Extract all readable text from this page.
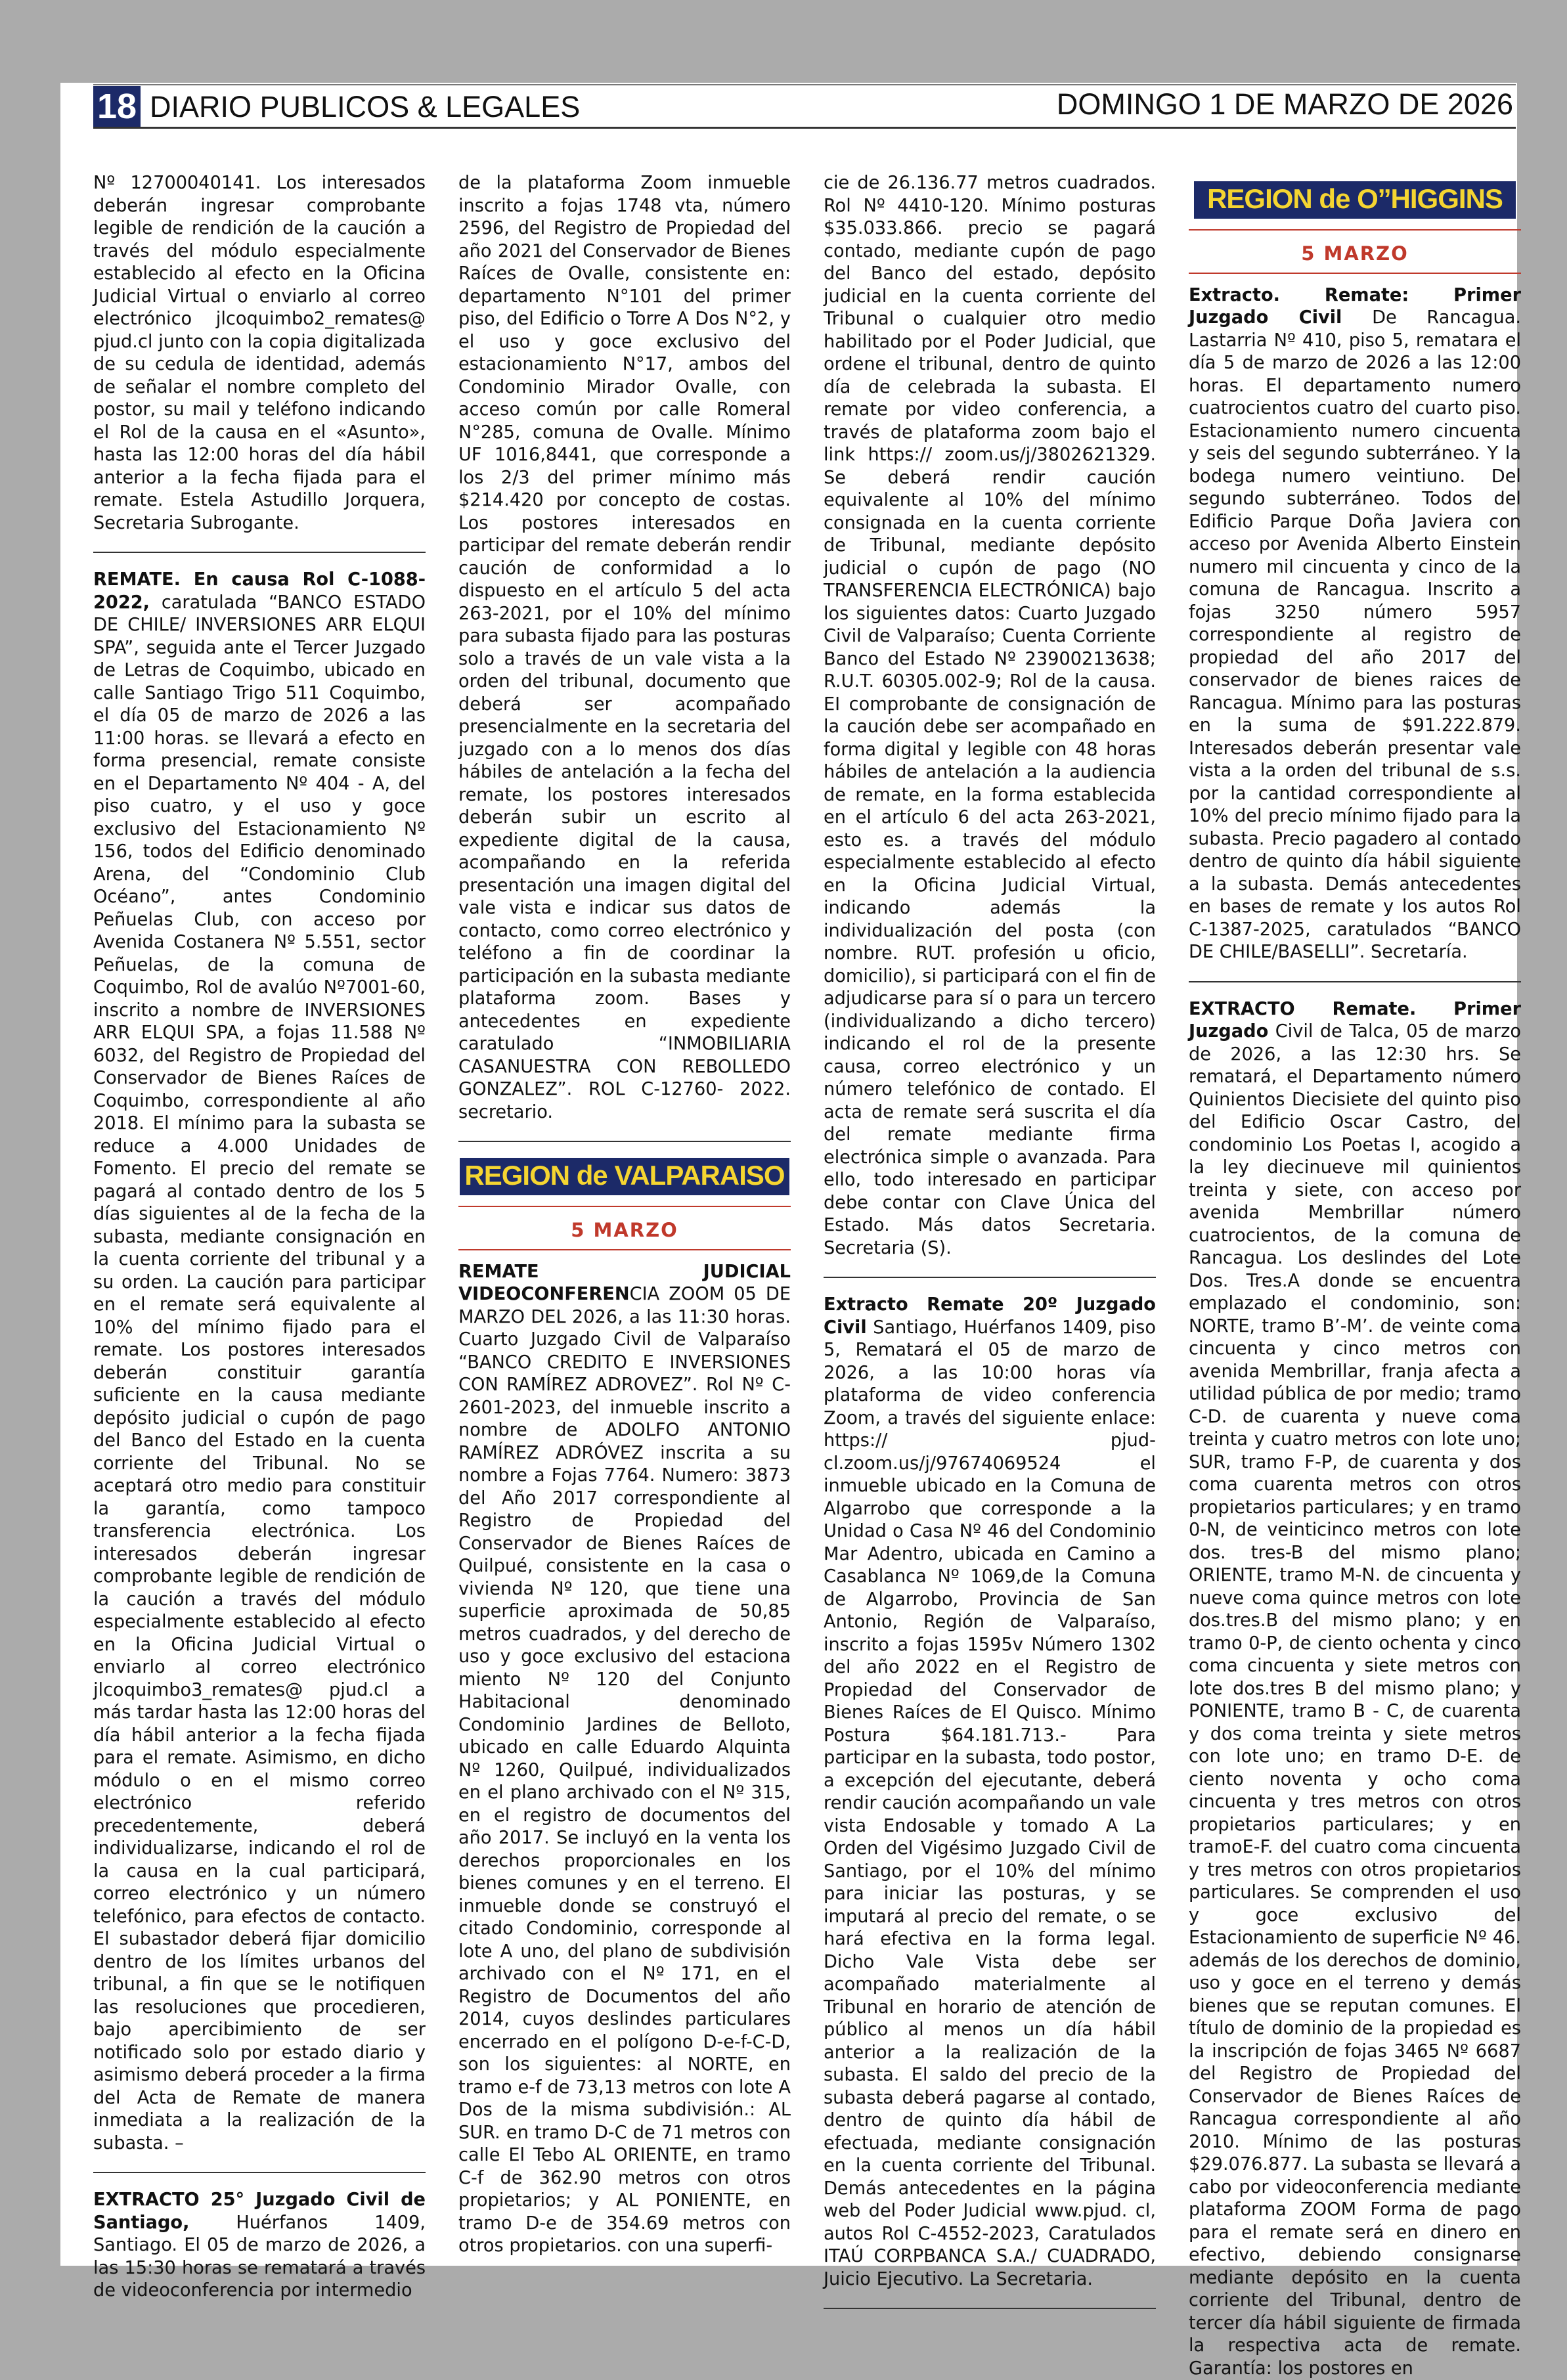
18 DIARIO PUBLICOS & LEGALES	DOMINGO 1 DE MARZO DE 2026

Nº 12700040141. Los interesados deberán ingresar comprobante legible de rendición de la caución a través del módulo especialmente establecido al efecto en la Oficina Judicial Virtual o enviarlo al correo electrónico jlcoquimbo2_remates@ pjud.cl junto con la copia digitalizada de su cedula de identidad, además de señalar el nombre completo del postor, su mail y teléfono indicando el Rol de la causa en el «Asunto», hasta las 12:00 horas del día hábil anterior a la fecha fijada para el remate. Estela Astudillo Jorquera, Secretaria Subrogante.

REMATE. En causa Rol C-1088-2022, caratulada “BANCO ESTADO DE CHILE/ INVERSIONES ARR ELQUI SPA”, seguida ante el Tercer Juzgado de Letras de Coquimbo, ubicado en calle Santiago Trigo 511 Coquimbo, el día 05 de marzo de 2026 a las 11:00 horas. se llevará a efecto en forma presencial, remate consiste en el Departamento Nº 404 - A, del piso cuatro, y el uso y goce exclusivo del Estacionamiento Nº 156, todos del Edificio denominado Arena, del “Condominio Club Océano”, antes Condominio Peñuelas Club, con acceso por Avenida Costanera Nº 5.551, sector Peñuelas, de la comuna de Coquimbo, Rol de avalúo Nº7001-60, inscrito a nombre de INVERSIONES ARR ELQUI SPA, a fojas 11.588 Nº 6032, del Registro de Propiedad del Conservador de Bienes Raíces de Coquimbo, correspondiente al año 2018. El mínimo para la subasta se reduce a 4.000 Unidades de Fomento. El precio del remate se pagará al contado dentro de los 5 días siguientes al de la fecha de la subasta, mediante consignación en la cuenta corriente del tribunal y a su orden. La caución para participar en el remate será equivalente al 10% del mínimo fijado para el remate. Los postores interesados deberán constituir garantía suficiente en la causa mediante depósito judicial o cupón de pago del Banco del Estado en la cuenta corriente del Tribunal. No se aceptará otro medio para constituir la garantía, como tampoco transferencia electrónica. Los interesados deberán ingresar comprobante legible de rendición de la caución a través del módulo especialmente establecido al efecto en la Oficina Judicial Virtual o enviarlo al correo electrónico jlcoquimbo3_remates@ pjud.cl a más tardar hasta las 12:00 horas del día hábil anterior a la fecha fijada para el remate. Asimismo, en dicho módulo o en el mismo correo electrónico referido precedentemente, deberá individualizarse, indicando el rol de la causa en la cual participará, correo electrónico y un número telefónico, para efectos de contacto. El subastador deberá fijar domicilio dentro de los límites urbanos del tribunal, a fin que se le notifiquen las resoluciones que procedieren, bajo apercibimiento de ser notificado solo por estado diario y asimismo deberá proceder a la firma del Acta de Remate de manera inmediata a la realización de la subasta. –

EXTRACTO 25° Juzgado Civil de Santiago, Huérfanos 1409, Santiago. El 05 de marzo de 2026, a las 15:30 horas se rematará a través de videoconferencia por intermedio

de la plataforma Zoom inmueble inscrito a fojas 1748 vta, número 2596, del Registro de Propiedad del año 2021 del Conservador de Bienes Raíces de Ovalle, consistente en: departamento N°101 del primer piso, del Edificio o Torre A Dos N°2, y el uso y goce exclusivo del estacionamiento N°17, ambos del Condominio Mirador Ovalle, con acceso común por calle Romeral N°285, comuna de Ovalle. Mínimo UF 1016,8441, que corresponde a los 2/3 del primer mínimo más $214.420 por concepto de costas. Los postores interesados en participar del remate deberán rendir caución de conformidad a lo dispuesto en el artículo 5 del acta 263-2021, por el 10% del mínimo para subasta fijado para las posturas solo a través de un vale vista a la orden del tribunal, documento que deberá ser acompañado presencialmente en la secretaria del juzgado con a lo menos dos días hábiles de antelación a la fecha del remate, los postores interesados deberán subir un escrito al expediente digital de la causa, acompañando en la referida presentación una imagen digital del vale vista e indicar sus datos de contacto, como correo electrónico y teléfono a fin de coordinar la participación en la subasta mediante plataforma zoom. Bases y antecedentes en expediente caratulado “INMOBILIARIA CASANUESTRA CON REBOLLEDO GONZALEZ”. ROL C-12760- 2022. secretario.

REGION de VALPARAISO
5 MARZO

REMATE JUDICIAL VIDEOCONFERENCIA ZOOM 05 DE MARZO DEL 2026, a las 11:30 horas. Cuarto Juzgado Civil de Valparaíso “BANCO CREDITO E INVERSIONES CON RAMÍREZ ADROVEZ”. Rol Nº C-2601-2023, del inmueble inscrito a nombre de ADOLFO ANTONIO RAMÍREZ ADRÓVEZ inscrita a su nombre a Fojas 7764. Numero: 3873 del Año 2017 correspondiente al Registro de Propiedad del Conservador de Bienes Raíces de Quilpué, consistente en la casa o vivienda Nº 120, que tiene una superficie aproximada de 50,85 metros cuadrados, y del derecho de uso y goce exclusivo del estaciona miento Nº 120 del Conjunto Habitacional denominado Condominio Jardines de Belloto, ubicado en calle Eduardo Alquinta Nº 1260, Quilpué, individualizados en el plano archivado con el Nº 315, en el registro de documentos del año 2017. Se incluyó en la venta los derechos proporcionales en los bienes comunes y en el terreno. El inmueble donde se construyó el citado Condominio, corresponde al lote A uno, del plano de subdivisión archivado con el Nº 171, en el Registro de Documentos del año 2014, cuyos deslindes particulares encerrado en el polígono D-e-f-C-D, son los siguientes: al NORTE, en tramo e-f de 73,13 metros con lote A Dos de la misma subdivisión.: AL SUR. en tramo D-C de 71 metros con calle El Tebo AL ORIENTE, en tramo C-f de 362.90 metros con otros propietarios; y AL PONIENTE, en tramo D-e de 354.69 metros con otros propietarios. con una superfi-

cie de 26.136.77 metros cuadrados. Rol Nº 4410-120. Mínimo posturas $35.033.866. precio se pagará contado, mediante cupón de pago del Banco del estado, depósito judicial en la cuenta corriente del Tribunal o cualquier otro medio habilitado por el Poder Judicial, que ordene el tribunal, dentro de quinto día de celebrada la subasta. El remate por video conferencia, a través de plataforma zoom bajo el link https:// zoom.us/j/3802621329. Se deberá rendir caución equivalente al 10% del mínimo consignada en la cuenta corriente de Tribunal, mediante depósito judicial o cupón de pago (NO TRANSFERENCIA ELECTRÓNICA) bajo los siguientes datos: Cuarto Juzgado Civil de Valparaíso; Cuenta Corriente Banco del Estado Nº 23900213638; R.U.T. 60305.002-9; Rol de la causa. EI comprobante de consignación de la caución debe ser acompañado en forma digital y legible con 48 horas hábiles de antelación a la audiencia de remate, en la forma establecida en el artículo 6 del acta 263-2021, esto es. a través del módulo especialmente establecido al efecto en la Oficina Judicial Virtual, indicando además la individualización del posta (con nombre. RUT. profesión u oficio, domicilio), si participará con el fin de adjudicarse para sí o para un tercero (individualizando a dicho tercero) indicando el rol de la presente causa, correo electrónico y un número telefónico de contado. El acta de remate será suscrita el día del remate mediante firma electrónica simple o avanzada. Para ello, todo interesado en participar debe contar con Clave Única del Estado. Más datos Secretaria. Secretaria (S).

Extracto Remate 20º Juzgado Civil Santiago, Huérfanos 1409, piso 5, Rematará el 05 de marzo de 2026, a las 10:00 horas vía plataforma de video conferencia Zoom, a través del siguiente enlace: https:// pjud-cl.zoom.us/j/97674069524 el inmueble ubicado en la Comuna de Algarrobo que corresponde a la Unidad o Casa Nº 46 del Condominio Mar Adentro, ubicada en Camino a Casablanca Nº 1069,de la Comuna de Algarrobo, Provincia de San Antonio, Región de Valparaíso, inscrito a fojas 1595v Número 1302 del año 2022 en el Registro de Propiedad del Conservador de Bienes Raíces de El Quisco. Mínimo Postura $64.181.713.- Para participar en la subasta, todo postor, a excepción del ejecutante, deberá rendir caución acompañando un vale vista Endosable y tomado A La Orden del Vigésimo Juzgado Civil de Santiago, por el 10% del mínimo para iniciar las posturas, y se imputará al precio del remate, o se hará efectiva en la forma legal. Dicho Vale Vista debe ser acompañado materialmente al Tribunal en horario de atención de público al menos un día hábil anterior a la realización de la subasta. El saldo del precio de la subasta deberá pagarse al contado, dentro de quinto día hábil de efectuada, mediante consignación en la cuenta corriente del Tribunal. Demás antecedentes en la página web del Poder Judicial www.pjud. cl, autos Rol C-4552-2023, Caratulados ITAÚ CORPBANCA S.A./ CUADRADO, Juicio Ejecutivo. La Secretaria.

REGION de O’’HIGGINS
5 MARZO

Extracto. Remate: Primer Juzgado Civil De Rancagua. Lastarria Nº 410, piso 5, rematara el día 5 de marzo de 2026 a las 12:00 horas. El departamento numero cuatrocientos cuatro del cuarto piso. Estacionamiento numero cincuenta y seis del segundo subterráneo. Y la bodega numero veintiuno. Del segundo subterráneo. Todos del Edificio Parque Doña Javiera con acceso por Avenida Alberto Einstein numero mil cincuenta y cinco de la comuna de Rancagua. Inscrito a fojas 3250 número 5957 correspondiente al registro de propiedad del año 2017 del conservador de bienes raices de Rancagua. Mínimo para las posturas en la suma de $91.222.879. Interesados deberán presentar vale vista a la orden del tribunal de s.s. por la cantidad correspondiente al 10% del precio mínimo fijado para la subasta. Precio pagadero al contado dentro de quinto día hábil siguiente a la subasta. Demás antecedentes en bases de remate y los autos Rol C-1387-2025, caratulados “BANCO DE CHILE/BASELLI”. Secretaría.

EXTRACTO Remate. Primer Juzgado Civil de Talca, 05 de marzo de 2026, a las 12:30 hrs. Se rematará, el Departamento número Quinientos Diecisiete del quinto piso del Edificio Oscar Castro, del condominio Los Poetas I, acogido a la ley diecinueve mil quinientos treinta y siete, con acceso por avenida Membrillar número cuatrocientos, de la comuna de Rancagua. Los deslindes del Lote Dos. Tres.A donde se encuentra emplazado el condominio, son: NORTE, tramo B’-M’. de veinte coma cincuenta y cinco metros con avenida Membrillar, franja afecta a utilidad pública de por medio; tramo C-D. de cuarenta y nueve coma treinta y cuatro metros con lote uno; SUR, tramo F-P, de cuarenta y dos coma cuarenta metros con otros propietarios particulares; y en tramo 0-N, de veinticinco metros con lote dos. tres-B del mismo plano; ORIENTE, tramo M-N. de cincuenta y nueve coma quince metros con lote dos.tres.B del mismo plano; y en tramo 0-P, de ciento ochenta y cinco coma cincuenta y siete metros con lote dos.tres B del mismo plano; y PONIENTE, tramo B - C, de cuarenta y dos coma treinta y siete metros con lote uno; en tramo D-E. de ciento noventa y ocho coma cincuenta y tres metros con otros propietarios particulares; y en tramoE-F. del cuatro coma cincuenta y tres metros con otros propietarios particulares. Se comprenden el uso y goce exclusivo del Estacionamiento de superficie Nº 46. además de los derechos de dominio, uso y goce en el terreno y demás bienes que se reputan comunes. El título de dominio de la propiedad es la inscripción de fojas 3465 Nº 6687 del Registro de Propiedad del Conservador de Bienes Raíces de Rancagua correspondiente al año 2010. Mínimo de las posturas $29.076.877. La subasta se llevará a cabo por videoconferencia mediante plataforma ZOOM Forma de pago para el remate será en dinero en efectivo, debiendo consignarse mediante depósito en la cuenta corriente del Tribunal, dentro de tercer día hábil siguiente de firmada la respectiva acta de remate. Garantía: los postores en
